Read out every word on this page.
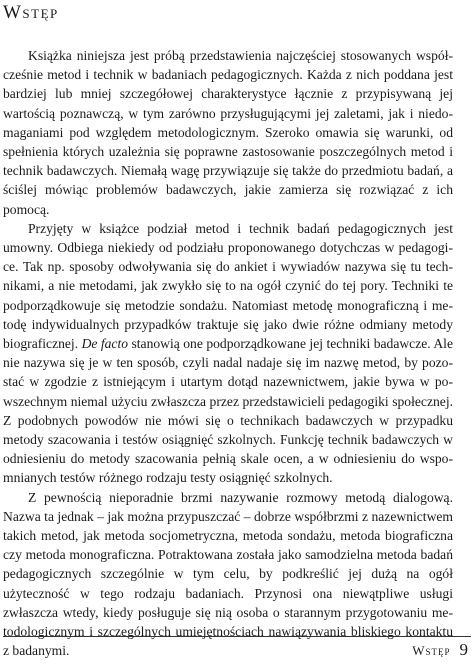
Wstęp

Książka niniejsza jest próbą przedstawienia najczęściej stosowanych współcześnie metod i technik w badaniach pedagogicznych. Każda z nich poddana jest bardziej lub mniej szczegółowej charakterystyce łącznie z przypisywaną jej wartością poznawczą, w tym zarówno przysługującymi jej zaletami, jak i niedomaganiami pod względem metodologicznym. Szeroko omawia się warunki, od spełnienia których uzależnia się poprawne zastosowanie poszczególnych metod i technik badawczych. Niemałą wagę przywiązuje się także do przedmiotu badań, a ściślej mówiąc problemów badawczych, jakie zamierza się rozwiązać z ich pomocą.

Przyjęty w książce podział metod i technik badań pedagogicznych jest umowny. Odbiega niekiedy od podziału proponowanego dotychczas w pedagogice. Tak np. sposoby odwoływania się do ankiet i wywiadów nazywa się tu technikami, a nie metodami, jak zwykło się to na ogół czynić do tej pory. Techniki te podporządkowuje się metodzie sondażu. Natomiast metodę monograficzną i metodę indywidualnych przypadków traktuje się jako dwie różne odmiany metody biograficznej. De facto stanowią one podporządkowane jej techniki badawcze. Ale nie nazywa się je w ten sposób, czyli nadal nadaje się im nazwę metod, by pozostać w zgodzie z istniejącym i utartym dotąd nazewnictwem, jakie bywa w powszechnym niemal użyciu zwłaszcza przez przedstawicieli pedagogiki społecznej. Z podobnych powodów nie mówi się o technikach badawczych w przypadku metody szacowania i testów osiągnięć szkolnych. Funkcję technik badawczych w odniesieniu do metody szacowania pełnią skale ocen, a w odniesieniu do wspomnianych testów różnego rodzaju testy osiągnięć szkolnych.

Z pewnością nieporadnie brzmi nazywanie rozmowy metodą dialogową. Nazwa ta jednak – jak można przypuszczać – dobrze współbrzmi z nazewnictwem takich metod, jak metoda socjometryczna, metoda sondażu, metoda biograficzna czy metoda monograficzna. Potraktowana została jako samodzielna metoda badań pedagogicznych szczególnie w tym celu, by podkreślić jej dużą na ogół użyteczność w tego rodzaju badaniach. Przynosi ona niewątpliwe usługi zwłaszcza wtedy, kiedy posługuje się nią osoba o starannym przygotowaniu metodologicznym i szczególnych umiejętnościach nawiązywania bliskiego kontaktu z badanymi.	Wstęp 9
